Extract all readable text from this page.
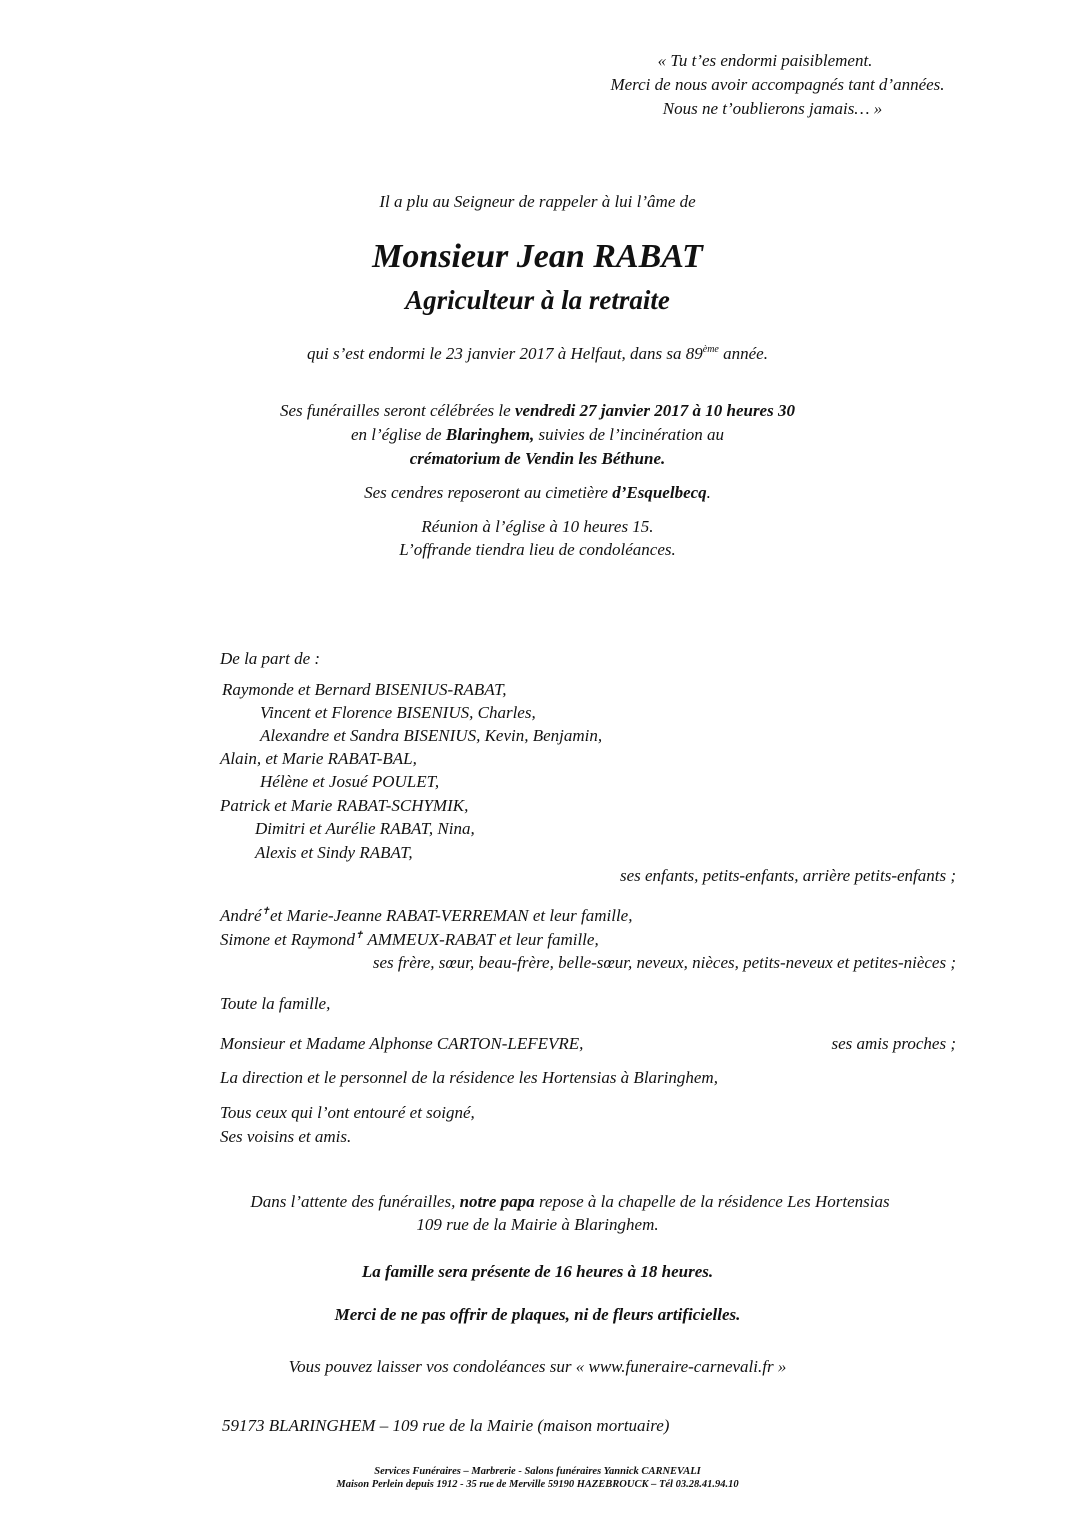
« Tu t’es endormi paisiblement.
Merci de nous avoir accompagnés tant d’années.
Nous ne t’oublierons jamais… »
Il a plu au Seigneur de rappeler à lui l’âme de
Monsieur Jean RABAT
Agriculteur à la retraite
qui s’est endormi le 23 janvier 2017 à Helfaut, dans sa 89ème année.
Ses funérailles seront célébrées le vendredi 27 janvier 2017 à 10 heures 30
en l’église de Blaringhem, suivies de l’incinération au
crématorium de Vendin les Béthune.
Ses cendres reposeront au cimetière d’Esquelbecq.
Réunion à l’église à 10 heures 15.
L’offrande tiendra lieu de condoléances.
De la part de :
Raymonde et Bernard BISENIUS-RABAT,
Vincent et Florence BISENIUS, Charles,
Alexandre et Sandra BISENIUS, Kevin, Benjamin,
Alain, et Marie RABAT-BAL,
Hélène et Josué POULET,
Patrick et Marie RABAT-SCHYMIK,
Dimitri et Aurélie RABAT, Nina,
Alexis et Sindy RABAT,
ses enfants, petits-enfants, arrière petits-enfants ;
André✝et Marie-Jeanne RABAT-VERREMAN et leur famille,
Simone et Raymond✝ AMMEUX-RABAT et leur famille,
ses frère, sœur, beau-frère, belle-sœur, neveux, nièces, petits-neveux et petites-nièces ;
Toute la famille,
Monsieur et Madame Alphonse CARTON-LEFEVRE,	ses amis proches ;
La direction et le personnel de la résidence les Hortensias à Blaringhem,
Tous ceux qui l’ont entouré et soigné,
Ses voisins et amis.
Dans l’attente des funérailles, notre papa repose à la chapelle de la résidence Les Hortensias
109 rue de la Mairie à Blaringhem.
La famille sera présente de 16 heures à 18 heures.
Merci de ne pas offrir de plaques, ni de fleurs artificielles.
Vous pouvez laisser vos condoléances sur « www.funeraire-carnevali.fr »
59173 BLARINGHEM – 109 rue de la Mairie (maison mortuaire)
Services Funéraires – Marbrerie - Salons funéraires Yannick CARNEVALI
Maison Perlein depuis 1912 - 35 rue de Merville 59190 HAZEBROUCK – Tél 03.28.41.94.10
